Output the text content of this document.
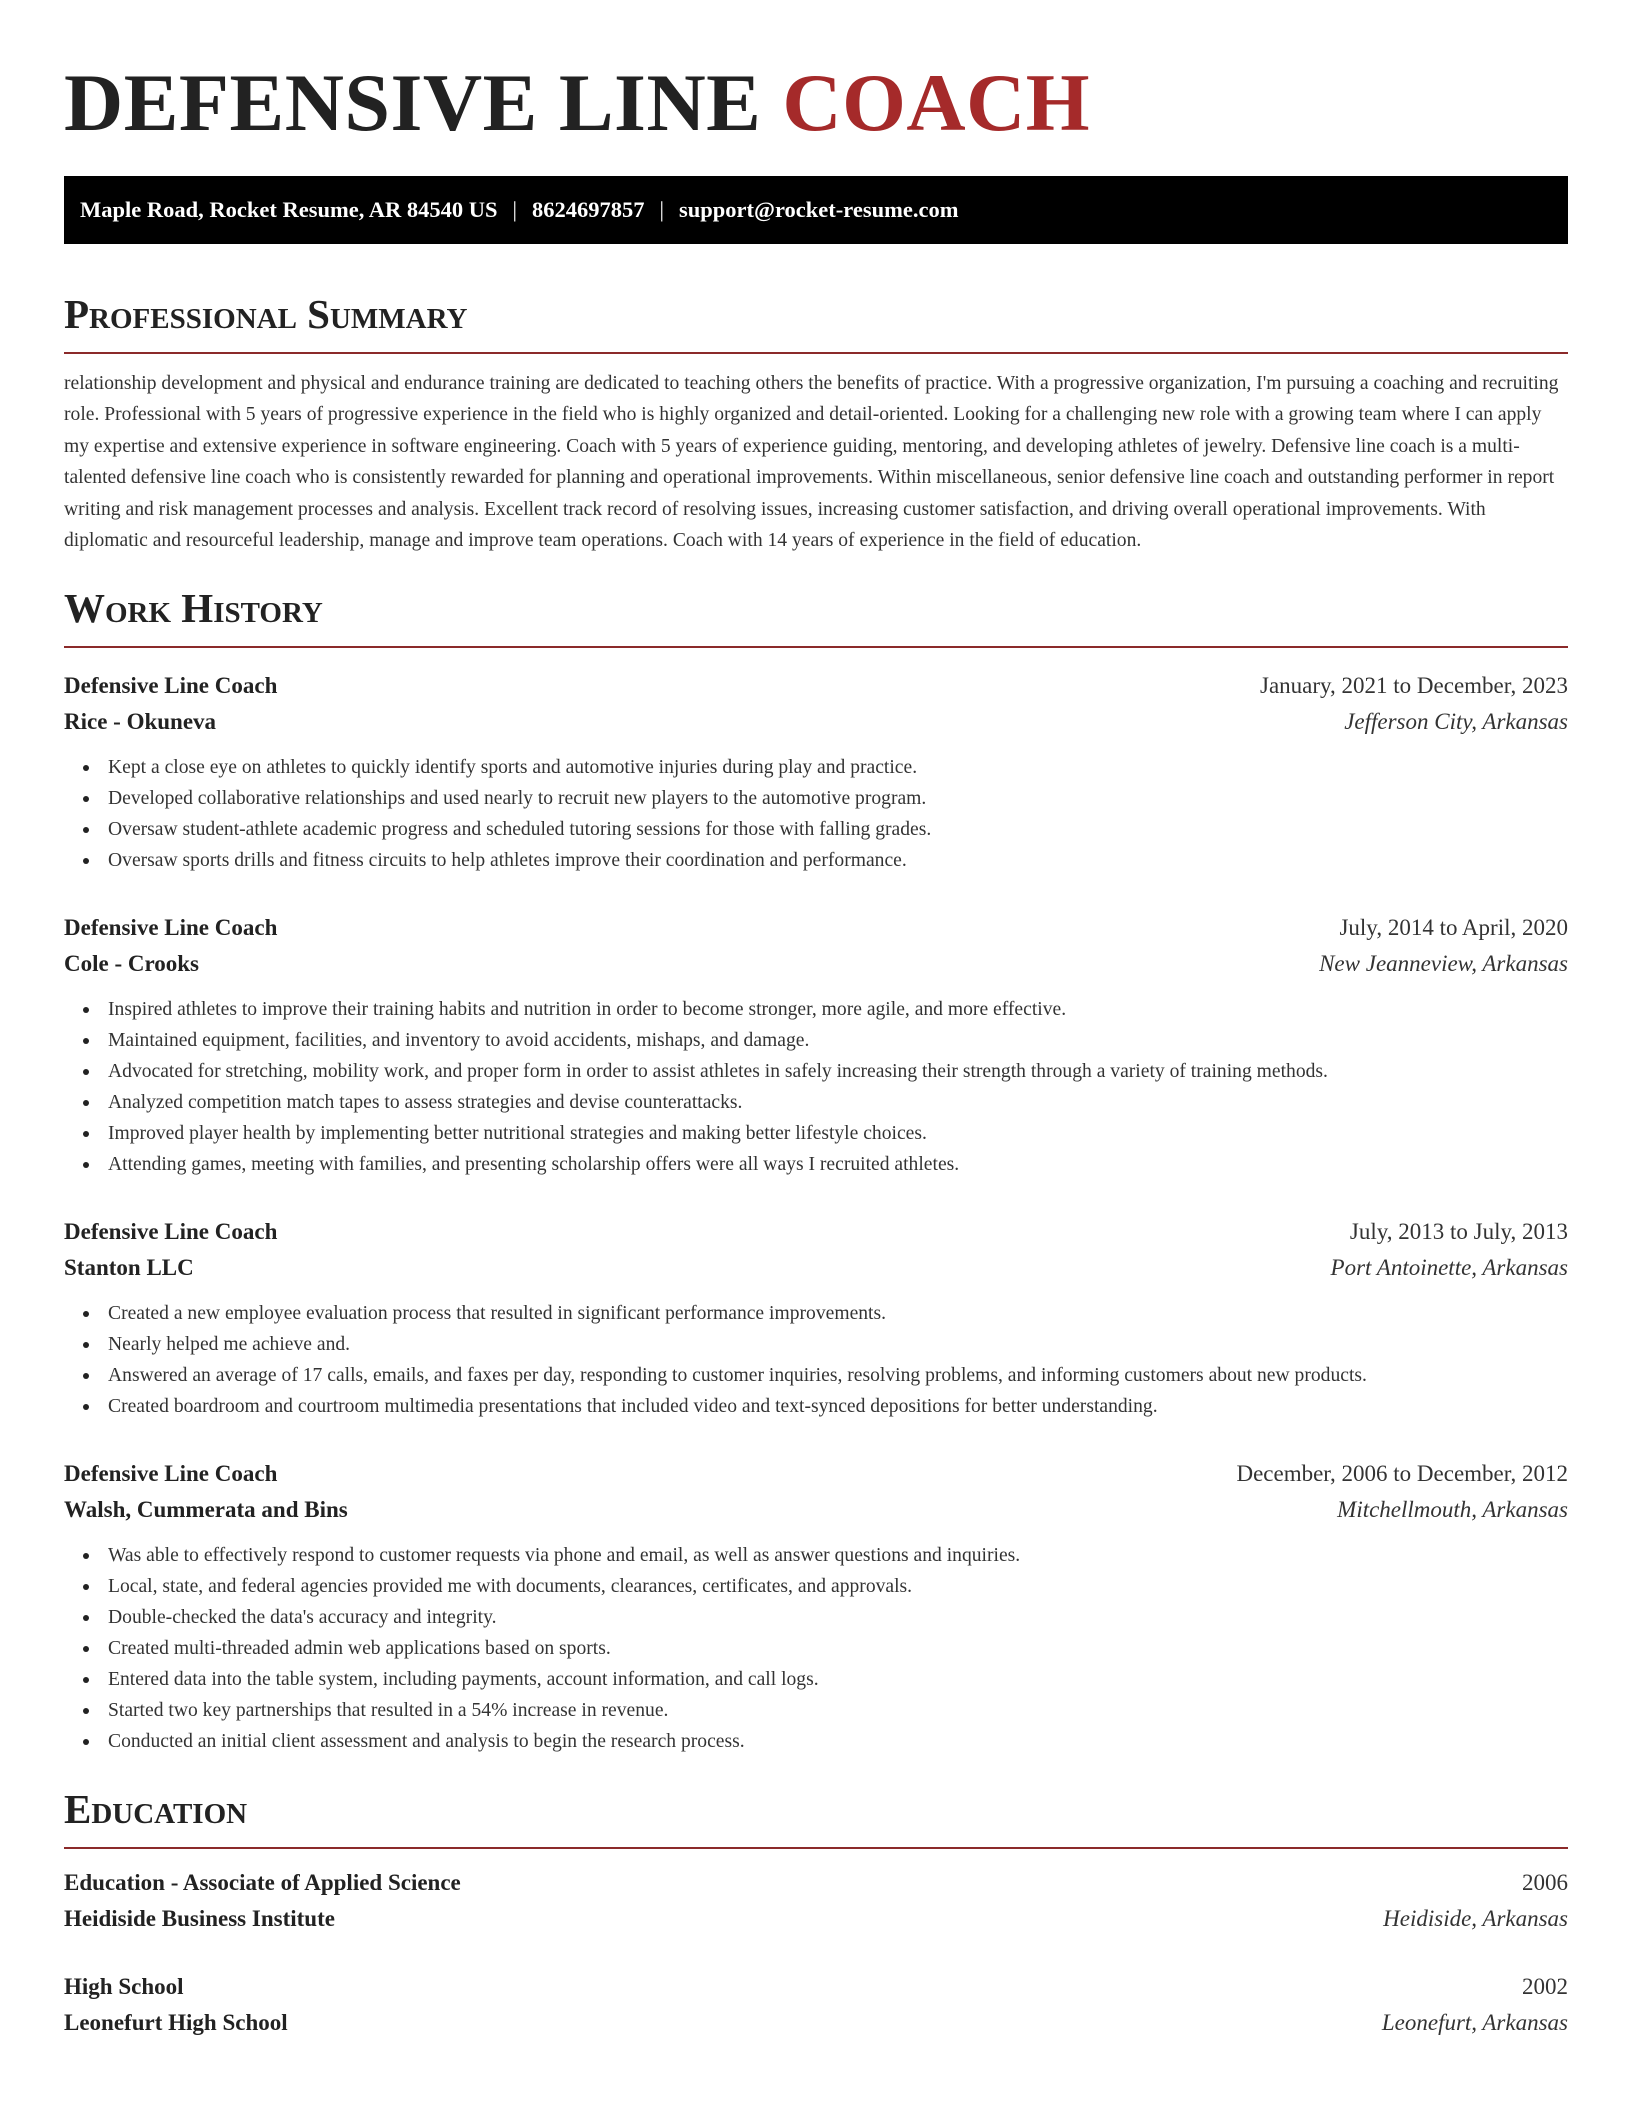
DEFENSIVE LINE COACH
Maple Road, Rocket Resume, AR 84540 US | 8624697857 | support@rocket-resume.com
Professional Summary

relationship development and physical and endurance training are dedicated to teaching others the benefits of practice. With a progressive organization, I'm pursuing a coaching and recruiting role. Professional with 5 years of progressive experience in the field who is highly organized and detail-oriented. Looking for a challenging new role with a growing team where I can apply my expertise and extensive experience in software engineering. Coach with 5 years of experience guiding, mentoring, and developing athletes of jewelry. Defensive line coach is a multi-talented defensive line coach who is consistently rewarded for planning and operational improvements. Within miscellaneous, senior defensive line coach and outstanding performer in report writing and risk management processes and analysis. Excellent track record of resolving issues, increasing customer satisfaction, and driving overall operational improvements. With diplomatic and resourceful leadership, manage and improve team operations. Coach with 14 years of experience in the field of education.

Work History
Defensive Line Coach	January, 2021 to December, 2023
Rice - Okuneva	Jefferson City, Arkansas
Kept a close eye on athletes to quickly identify sports and automotive injuries during play and practice.
Developed collaborative relationships and used nearly to recruit new players to the automotive program.
Oversaw student-athlete academic progress and scheduled tutoring sessions for those with falling grades.
Oversaw sports drills and fitness circuits to help athletes improve their coordination and performance.
Defensive Line Coach	July, 2014 to April, 2020
Cole - Crooks	New Jeanneview, Arkansas
Inspired athletes to improve their training habits and nutrition in order to become stronger, more agile, and more effective.
Maintained equipment, facilities, and inventory to avoid accidents, mishaps, and damage.
Advocated for stretching, mobility work, and proper form in order to assist athletes in safely increasing their strength through a variety of training methods.
Analyzed competition match tapes to assess strategies and devise counterattacks.
Improved player health by implementing better nutritional strategies and making better lifestyle choices.
Attending games, meeting with families, and presenting scholarship offers were all ways I recruited athletes.
Defensive Line Coach	July, 2013 to July, 2013
Stanton LLC	Port Antoinette, Arkansas
Created a new employee evaluation process that resulted in significant performance improvements.
Nearly helped me achieve and.
Answered an average of 17 calls, emails, and faxes per day, responding to customer inquiries, resolving problems, and informing customers about new products.
Created boardroom and courtroom multimedia presentations that included video and text-synced depositions for better understanding.
Defensive Line Coach	December, 2006 to December, 2012
Walsh, Cummerata and Bins	Mitchellmouth, Arkansas
Was able to effectively respond to customer requests via phone and email, as well as answer questions and inquiries.
Local, state, and federal agencies provided me with documents, clearances, certificates, and approvals.
Double-checked the data's accuracy and integrity.
Created multi-threaded admin web applications based on sports.
Entered data into the table system, including payments, account information, and call logs.
Started two key partnerships that resulted in a 54% increase in revenue.
Conducted an initial client assessment and analysis to begin the research process.
Education
Education - Associate of Applied Science	2006
Heidiside Business Institute	Heidiside, Arkansas
High School	2002
Leonefurt High School	Leonefurt, Arkansas
